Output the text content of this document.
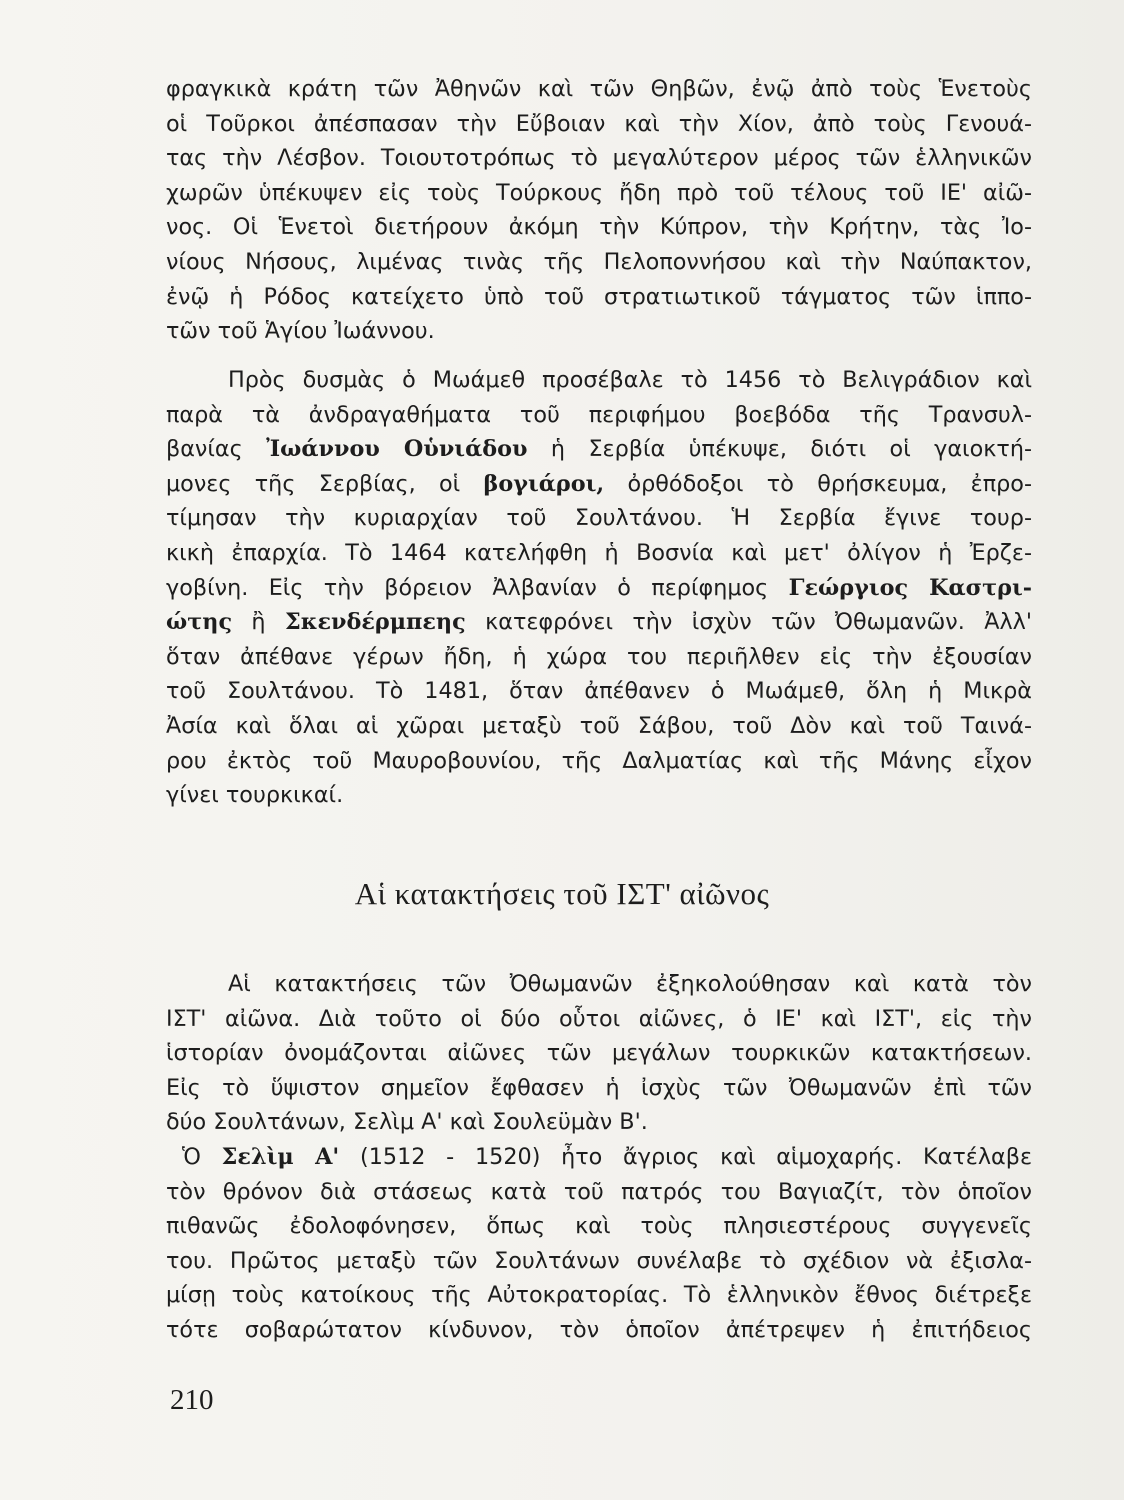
φραγκικὰ κράτη τῶν Ἀθηνῶν καὶ τῶν Θηβῶν, ἐνῷ ἀπὸ τοὺς Ἑνετοὺς
οἱ Τοῦρκοι ἀπέσπασαν τὴν Εὔβοιαν καὶ τὴν Χίον, ἀπὸ τοὺς Γενουά-
τας τὴν Λέσβον. Τοιουτοτρόπως τὸ μεγαλύτερον μέρος τῶν ἑλληνικῶν
χωρῶν ὑπέκυψεν εἰς τοὺς Τούρκους ἤδη πρὸ τοῦ τέλους τοῦ ΙΕ' αἰῶ-
νος. Οἱ Ἑνετοὶ διετήρουν ἀκόμη τὴν Κύπρον, τὴν Κρήτην, τὰς Ἰο-
νίους Νήσους, λιμένας τινὰς τῆς Πελοποννήσου καὶ τὴν Ναύπακτον,
ἐνῷ ἡ Ρόδος κατείχετο ὑπὸ τοῦ στρατιωτικοῦ τάγματος τῶν ἱππο-
τῶν τοῦ Ἁγίου Ἰωάννου.

Πρὸς δυσμὰς ὁ Μωάμεθ προσέβαλε τὸ 1456 τὸ Βελιγράδιον καὶ
παρὰ τὰ ἀνδραγαθήματα τοῦ περιφήμου βοεβόδα τῆς Τρανσυλ-
βανίας Ἰωάννου Οὑνιάδου ἡ Σερβία ὑπέκυψε, διότι οἱ γαιοκτή-
μονες τῆς Σερβίας, οἱ βογιάροι, ὀρθόδοξοι τὸ θρήσκευμα, ἐπρο-
τίμησαν τὴν κυριαρχίαν τοῦ Σουλτάνου. Ἡ Σερβία ἔγινε τουρ-
κικὴ ἐπαρχία. Τὸ 1464 κατελήφθη ἡ Βοσνία καὶ μετ' ὀλίγον ἡ Ἐρζε-
γοβίνη. Εἰς τὴν βόρειον Ἀλβανίαν ὁ περίφημος Γεώργιος Καστρι-
ώτης ἢ Σκενδέρμπεης κατεφρόνει τὴν ἰσχὺν τῶν Ὀθωμανῶν. Ἀλλ'
ὅταν ἀπέθανε γέρων ἤδη, ἡ χώρα του περιῆλθεν εἰς τὴν ἐξουσίαν
τοῦ Σουλτάνου. Τὸ 1481, ὅταν ἀπέθανεν ὁ Μωάμεθ, ὅλη ἡ Μικρὰ
Ἀσία καὶ ὅλαι αἱ χῶραι μεταξὺ τοῦ Σάβου, τοῦ Δὸν καὶ τοῦ Ταινά-
ρου ἐκτὸς τοῦ Μαυροβουνίου, τῆς Δαλματίας καὶ τῆς Μάνης εἶχον
γίνει τουρκικαί.

Αἱ κατακτήσεις τοῦ ΙΣΤ' αἰῶνος

Αἱ κατακτήσεις τῶν Ὀθωμανῶν ἐξηκολούθησαν καὶ κατὰ τὸν
ΙΣΤ' αἰῶνα. Διὰ τοῦτο οἱ δύο οὗτοι αἰῶνες, ὁ ΙΕ' καὶ ΙΣΤ', εἰς τὴν
ἱστορίαν ὀνομάζονται αἰῶνες τῶν μεγάλων τουρκικῶν κατακτήσεων.
Εἰς τὸ ὕψιστον σημεῖον ἔφθασεν ἡ ἰσχὺς τῶν Ὀθωμανῶν ἐπὶ τῶν
δύο Σουλτάνων, Σελὶμ Α' καὶ Σουλεϋμὰν Β'.
Ὁ Σελὶμ Α' (1512 - 1520) ἦτο ἄγριος καὶ αἱμοχαρής. Κατέλαβε
τὸν θρόνον διὰ στάσεως κατὰ τοῦ πατρός του Βαγιαζίτ, τὸν ὁποῖον
πιθανῶς ἐδολοφόνησεν, ὅπως καὶ τοὺς πλησιεστέρους συγγενεῖς
του. Πρῶτος μεταξὺ τῶν Σουλτάνων συνέλαβε τὸ σχέδιον νὰ ἐξισλα-
μίσῃ τοὺς κατοίκους τῆς Αὐτοκρατορίας. Τὸ ἑλληνικὸν ἔθνος διέτρεξε
τότε σοβαρώτατον κίνδυνον, τὸν ὁποῖον ἀπέτρεψεν ἡ ἐπιτήδειος

210
